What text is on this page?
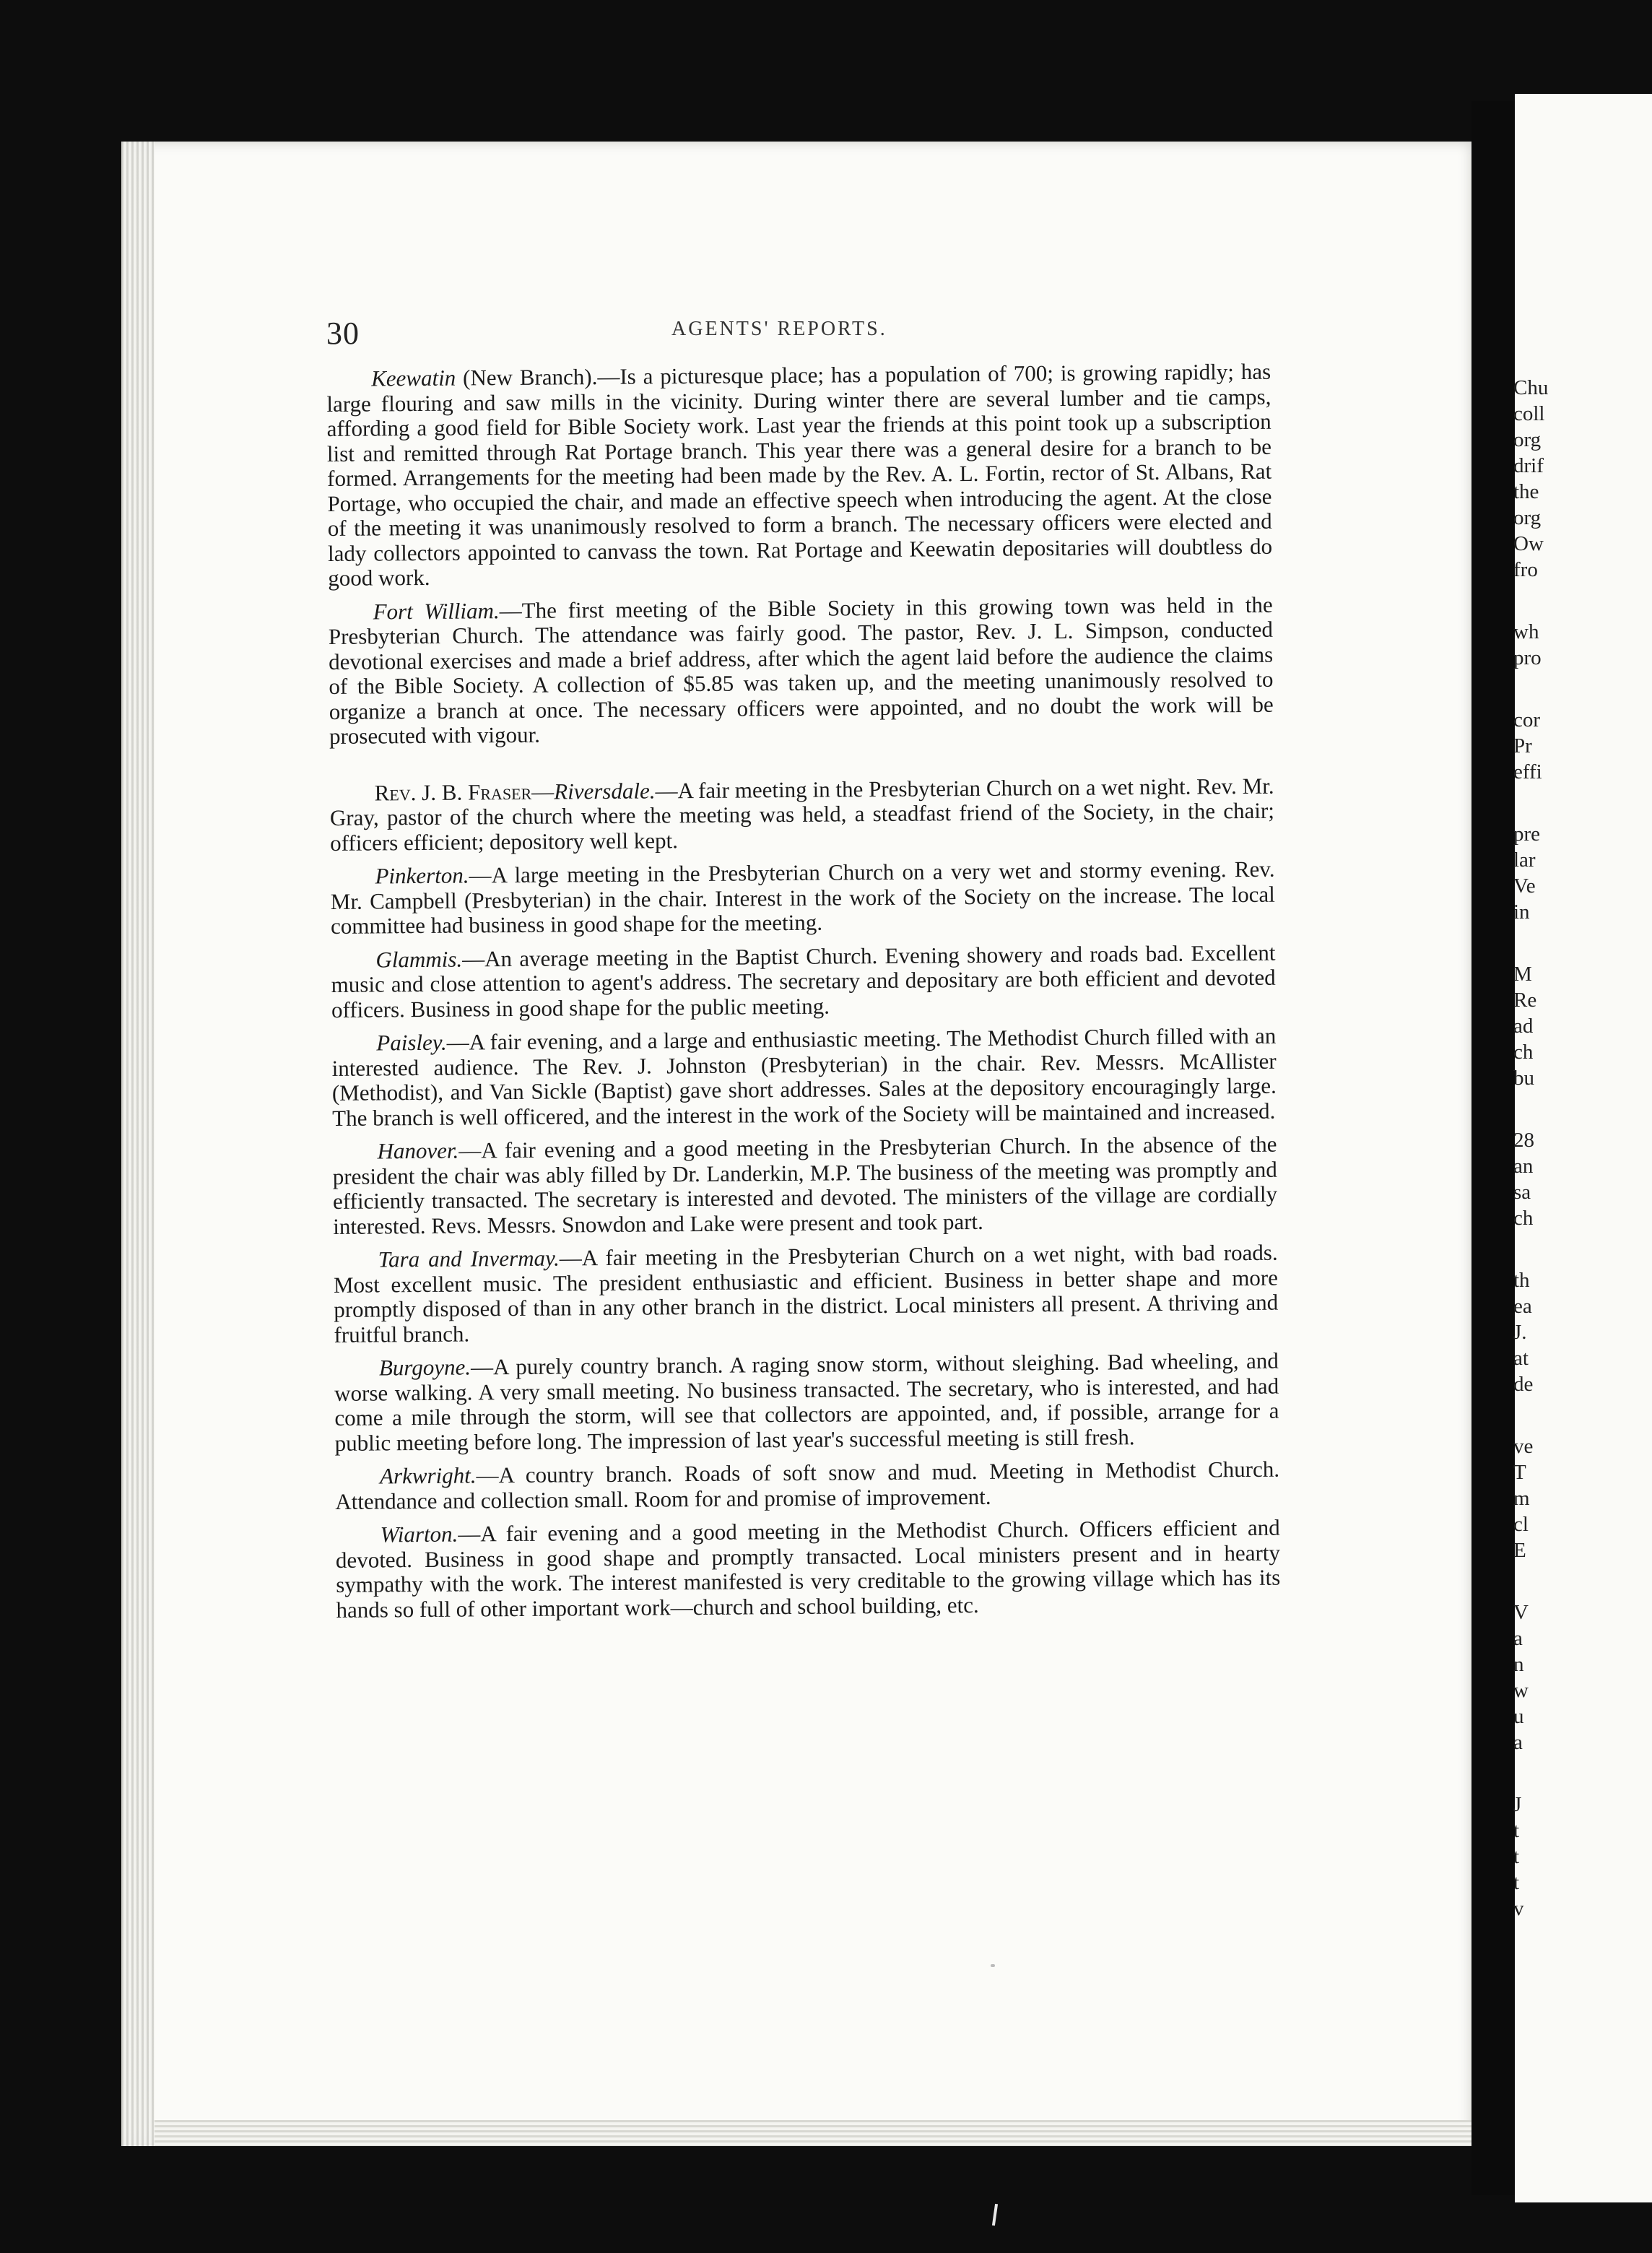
Chu
coll
org
drif
the
org
Ow
fro
wh
pro
cor
Pr
effi
pre
lar
Ve
in
M
Re
ad
ch
bu
28
an
sa
ch
th
ea
J.
at
de
ve
T
m
cl
E
V
a
n
w
u
a
J
t
t
t
v
30	AGENTS' REPORTS.

Keewatin (New Branch).—Is a picturesque place; has a population of 700; is growing rapidly; has large flouring and saw mills in the vicinity. During winter there are several lumber and tie camps, affording a good field for Bible Society work. Last year the friends at this point took up a subscription list and remitted through Rat Portage branch. This year there was a general desire for a branch to be formed. Arrangements for the meeting had been made by the Rev. A. L. Fortin, rector of St. Albans, Rat Portage, who occupied the chair, and made an effective speech when introducing the agent. At the close of the meeting it was unanimously resolved to form a branch. The necessary officers were elected and lady collectors appointed to canvass the town. Rat Portage and Keewatin depositaries will doubtless do good work.

Fort William.—The first meeting of the Bible Society in this growing town was held in the Presbyterian Church. The attendance was fairly good. The pastor, Rev. J. L. Simpson, conducted devotional exercises and made a brief address, after which the agent laid before the audience the claims of the Bible Society. A collection of $5.85 was taken up, and the meeting unanimously resolved to organize a branch at once. The necessary officers were appointed, and no doubt the work will be prosecuted with vigour.

Rev. J. B. Fraser—Riversdale.—A fair meeting in the Presbyterian Church on a wet night. Rev. Mr. Gray, pastor of the church where the meeting was held, a steadfast friend of the Society, in the chair; officers efficient; depository well kept.

Pinkerton.—A large meeting in the Presbyterian Church on a very wet and stormy evening. Rev. Mr. Campbell (Presbyterian) in the chair. Interest in the work of the Society on the increase. The local committee had business in good shape for the meeting.

Glammis.—An average meeting in the Baptist Church. Evening showery and roads bad. Excellent music and close attention to agent's address. The secretary and depositary are both efficient and devoted officers. Business in good shape for the public meeting.

Paisley.—A fair evening, and a large and enthusiastic meeting. The Methodist Church filled with an interested audience. The Rev. J. Johnston (Presbyterian) in the chair. Rev. Messrs. McAllister (Methodist), and Van Sickle (Baptist) gave short addresses. Sales at the depository encouragingly large. The branch is well officered, and the interest in the work of the Society will be maintained and increased.

Hanover.—A fair evening and a good meeting in the Presbyterian Church. In the absence of the president the chair was ably filled by Dr. Landerkin, M.P. The business of the meeting was promptly and efficiently transacted. The secretary is interested and devoted. The ministers of the village are cordially interested. Revs. Messrs. Snowdon and Lake were present and took part.

Tara and Invermay.—A fair meeting in the Presbyterian Church on a wet night, with bad roads. Most excellent music. The president enthusiastic and efficient. Business in better shape and more promptly disposed of than in any other branch in the district. Local ministers all present. A thriving and fruitful branch.

Burgoyne.—A purely country branch. A raging snow storm, without sleighing. Bad wheeling, and worse walking. A very small meeting. No business transacted. The secretary, who is interested, and had come a mile through the storm, will see that collectors are appointed, and, if possible, arrange for a public meeting before long. The impression of last year's successful meeting is still fresh.

Arkwright.—A country branch. Roads of soft snow and mud. Meeting in Methodist Church. Attendance and collection small. Room for and promise of improvement.

Wiarton.—A fair evening and a good meeting in the Methodist Church. Officers efficient and devoted. Business in good shape and promptly transacted. Local ministers present and in hearty sympathy with the work. The interest manifested is very creditable to the growing village which has its hands so full of other important work—church and school building, etc.
